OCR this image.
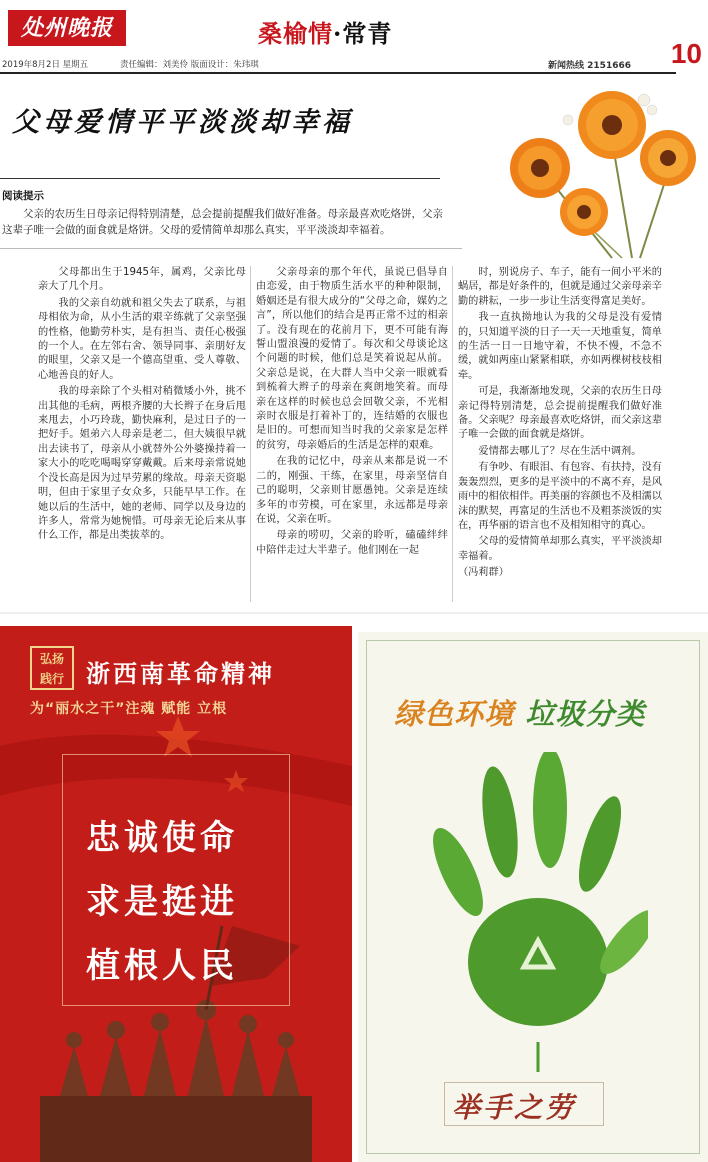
处州晚报	桑榆情·常青
10
2019年8月2日 星期五	责任编辑：刘美伶 版面设计：朱玮琪	新闻热线 2151666
父母爱情平平淡淡却幸福
阅读提示

父亲的农历生日母亲记得特别清楚，总会提前提醒我们做好准备。母亲最喜欢吃烙饼，父亲这辈子唯一会做的面食就是烙饼。父母的爱情简单却那么真实，平平淡淡却幸福着。

父母都出生于1945年，属鸡，父亲比母亲大了几个月。

我的父亲自幼就和祖父失去了联系，与祖母相依为命，从小生活的艰辛练就了父亲坚强的性格，他勤劳朴实，是有担当、责任心极强的一个人。在左邻右舍、领导同事、亲朋好友的眼里，父亲又是一个德高望重、受人尊敬、心地善良的好人。

我的母亲除了个头相对稍微矮小外，挑不出其他的毛病，两根齐腰的大长辫子在身后甩来甩去，小巧玲珑，勤快麻利，是过日子的一把好手。姐弟六人母亲是老二，但大姨很早就出去读书了，母亲从小就替外公外婆操持着一家大小的吃吃喝喝穿穿戴戴。后来母亲常说她个没长高是因为过早劳累的缘故。母亲天资聪明，但由于家里子女众多，只能早早工作。在她以后的生活中，她的老师、同学以及身边的许多人，常常为她惋惜。可母亲无论后来从事什么工作，都是出类拔萃的。

父亲母亲的那个年代，虽说已倡导自由恋爱，由于物质生活水平的种种限制，婚姻还是有很大成分的“父母之命，媒妁之言”，所以他们的结合是再正常不过的相亲了。没有现在的花前月下，更不可能有海誓山盟浪漫的爱情了。每次和父母谈论这个问题的时候，他们总是笑着说起从前。父亲总是说，在大群人当中父亲一眼就看到梳着大辫子的母亲在爽朗地笑着。而母亲在这样的时候也总会回敬父亲，不光相亲时衣服是打着补丁的，连结婚的衣服也是旧的。可想而知当时我的父亲家是怎样的贫穷，母亲婚后的生活是怎样的艰难。

在我的记忆中，母亲从来都是说一不二的，刚强、干练，在家里，母亲坚信自己的聪明，父亲则甘愿愚钝。父亲是连续多年的市劳模，可在家里，永远都是母亲在说，父亲在听。

母亲的唠叨，父亲的聆听，磕磕绊绊中陪伴走过大半辈子。他们刚在一起

时，别说房子、车子，能有一间小平米的蜗居，都是好条件的，但就是通过父亲母亲辛勤的耕耘，一步一步让生活变得富足美好。

我一直执拗地认为我的父母是没有爱情的，只知道平淡的日子一天一天地重复，简单的生活一日一日地守着，不快不慢，不急不缓，就如两座山紧紧相联，亦如两棵树枝枝相牵。

可是，我渐渐地发现，父亲的农历生日母亲记得特别清楚，总会提前提醒我们做好准备。父亲呢？母亲最喜欢吃烙饼，而父亲这辈子唯一会做的面食就是烙饼。

爱情都去哪儿了？尽在生活中调剂。

有争吵、有眼泪、有包容、有扶持，没有轰轰烈烈，更多的是平淡中的不离不弃，是风雨中的相依相伴。再美丽的容颜也不及相濡以沫的默契，再富足的生活也不及粗茶淡饭的实在，再华丽的语言也不及相知相守的真心。

父母的爱情简单却那么真实，平平淡淡却幸福着。

（冯莉群）

弘扬
践行 浙西南革命精神
为“丽水之干”注魂 赋能 立根
忠诚使命
求是挺进
植根人民
绿色环境 垃圾分类
举手之劳
